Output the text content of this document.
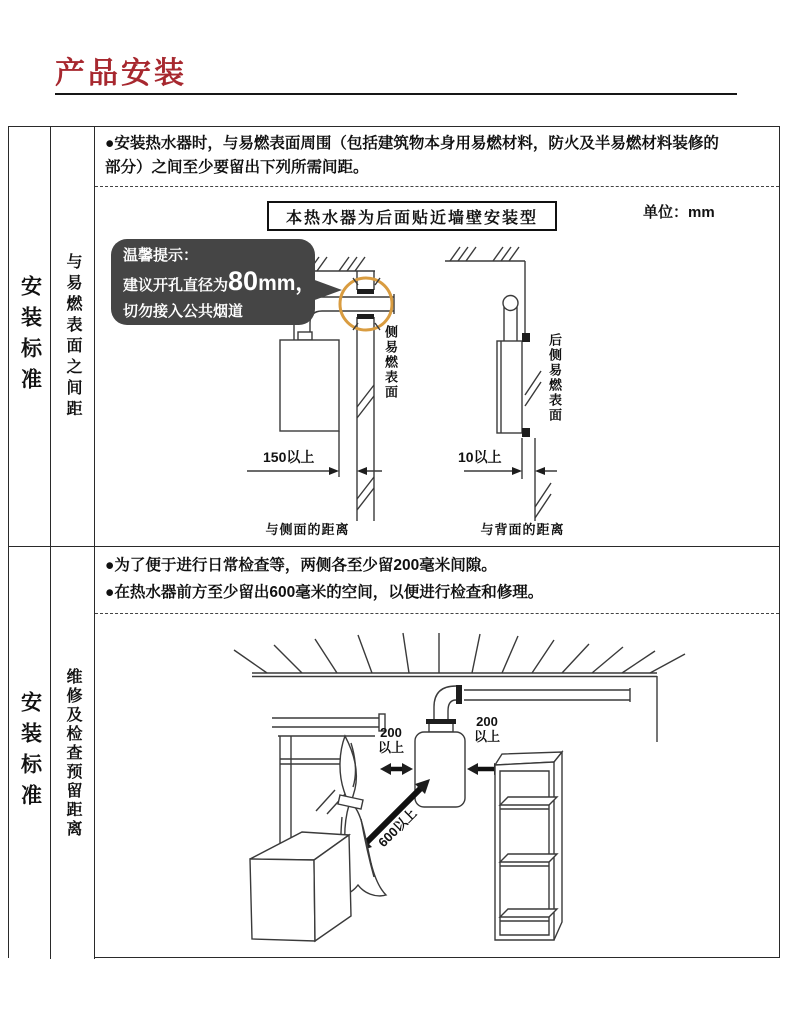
产品安装
安装标准 与易燃表面之间距
●安装热水器时，与易燃表面周围（包括建筑物本身用易燃材料，防火及半易燃材料装修的部分）之间至少要留出下列所需间距。
本热水器为后面贴近墙壁安装型	单位：mm
温馨提示：
建议开孔直径为80mm，
切勿接入公共烟道
侧易燃表面
150以上
与侧面的距离
后侧易燃表面
10以上
与背面的距离
安装标准 维修及检查预留距离
●为了便于进行日常检查等，两侧各至少留200毫米间隙。
●在热水器前方至少留出600毫米的空间，以便进行检查和修理。
200
以上
200
以上
600以上
